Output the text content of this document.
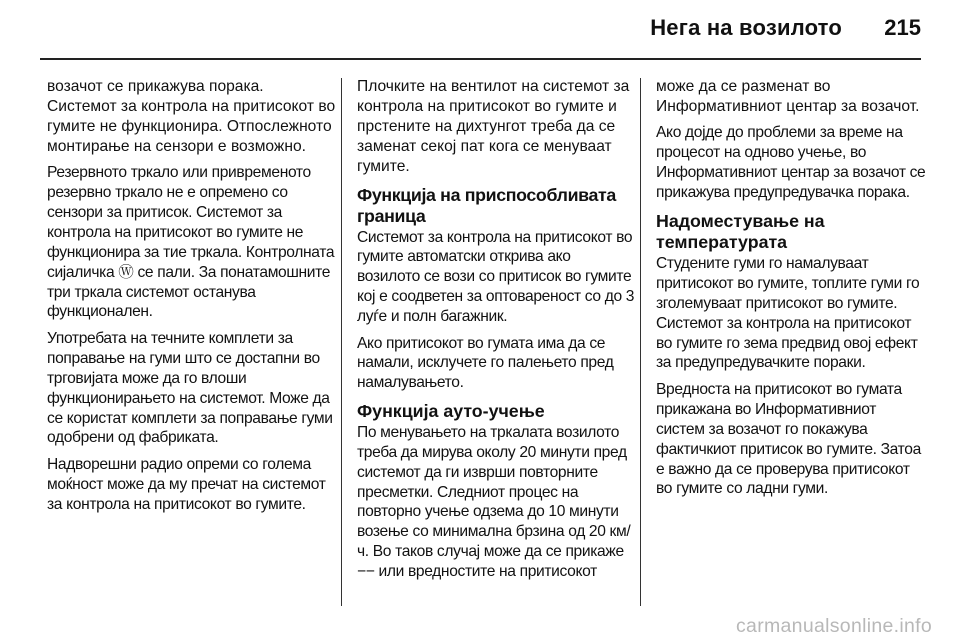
Нега на возилото 215

возачот се прикажува порака. Системот за контрола на притисокот во гумите не функционира. Отпослежното монтирање на сензори е возможно.

Резервното тркало или привременото резервно тркало не е опремено со сензори за притисок. Системот за контрола на притисокот во гумите не функционира за тие тркала. Контролната сијаличка Ⓦ се пали. За понатамошните три тркала системот останува функционален.

Употребата на течните комплети за поправање на гуми што се достапни во трговијата може да го влоши функционирањето на системот. Може да се користат комплети за поправање гуми одобрени од фабриката.

Надворешни радио опреми со голема моќност може да му пречат на системот за контрола на притисокот во гумите.

Плочките на вентилот на системот за контрола на притисокот во гумите и прстените на дихтунгот треба да се заменат секој пат кога се менуваат гумите.

Функција на приспособливата граница

Системот за контрола на притисокот во гумите автоматски открива ако возилото се вози со притисок во гумите кој е соодветен за оптовареност со до 3 луѓе и полн багажник.

Ако притисокот во гумата има да се намали, исклучете го палењето пред намалувањето.

Функција ауто-учење

По менувањето на тркалата возилото треба да мирува околу 20 минути пред системот да ги изврши повторните пресметки. Следниот процес на повторно учење одзема до 10 минути возење со минимална брзина од 20 км/ч. Во таков случај може да се прикаже −− или вредностите на притисокот

може да се разменат во Информативниот центар за возачот.

Ако дојде до проблеми за време на процесот на одново учење, во Информативниот центар за возачот се прикажува предупредувачка порака.

Надоместување на температурата

Студените гуми го намалуваат притисокот во гумите, топлите гуми го зголемуваат притисокот во гумите. Системот за контрола на притисокот во гумите го зема предвид овој ефект за предупредувачките пораки.

Вредноста на притисокот во гумата прикажана во Информативниот систем за возачот го покажува фактичкиот притисок во гумите. Затоа е важно да се проверува притисокот во гумите со ладни гуми.

carmanualsonline.info
